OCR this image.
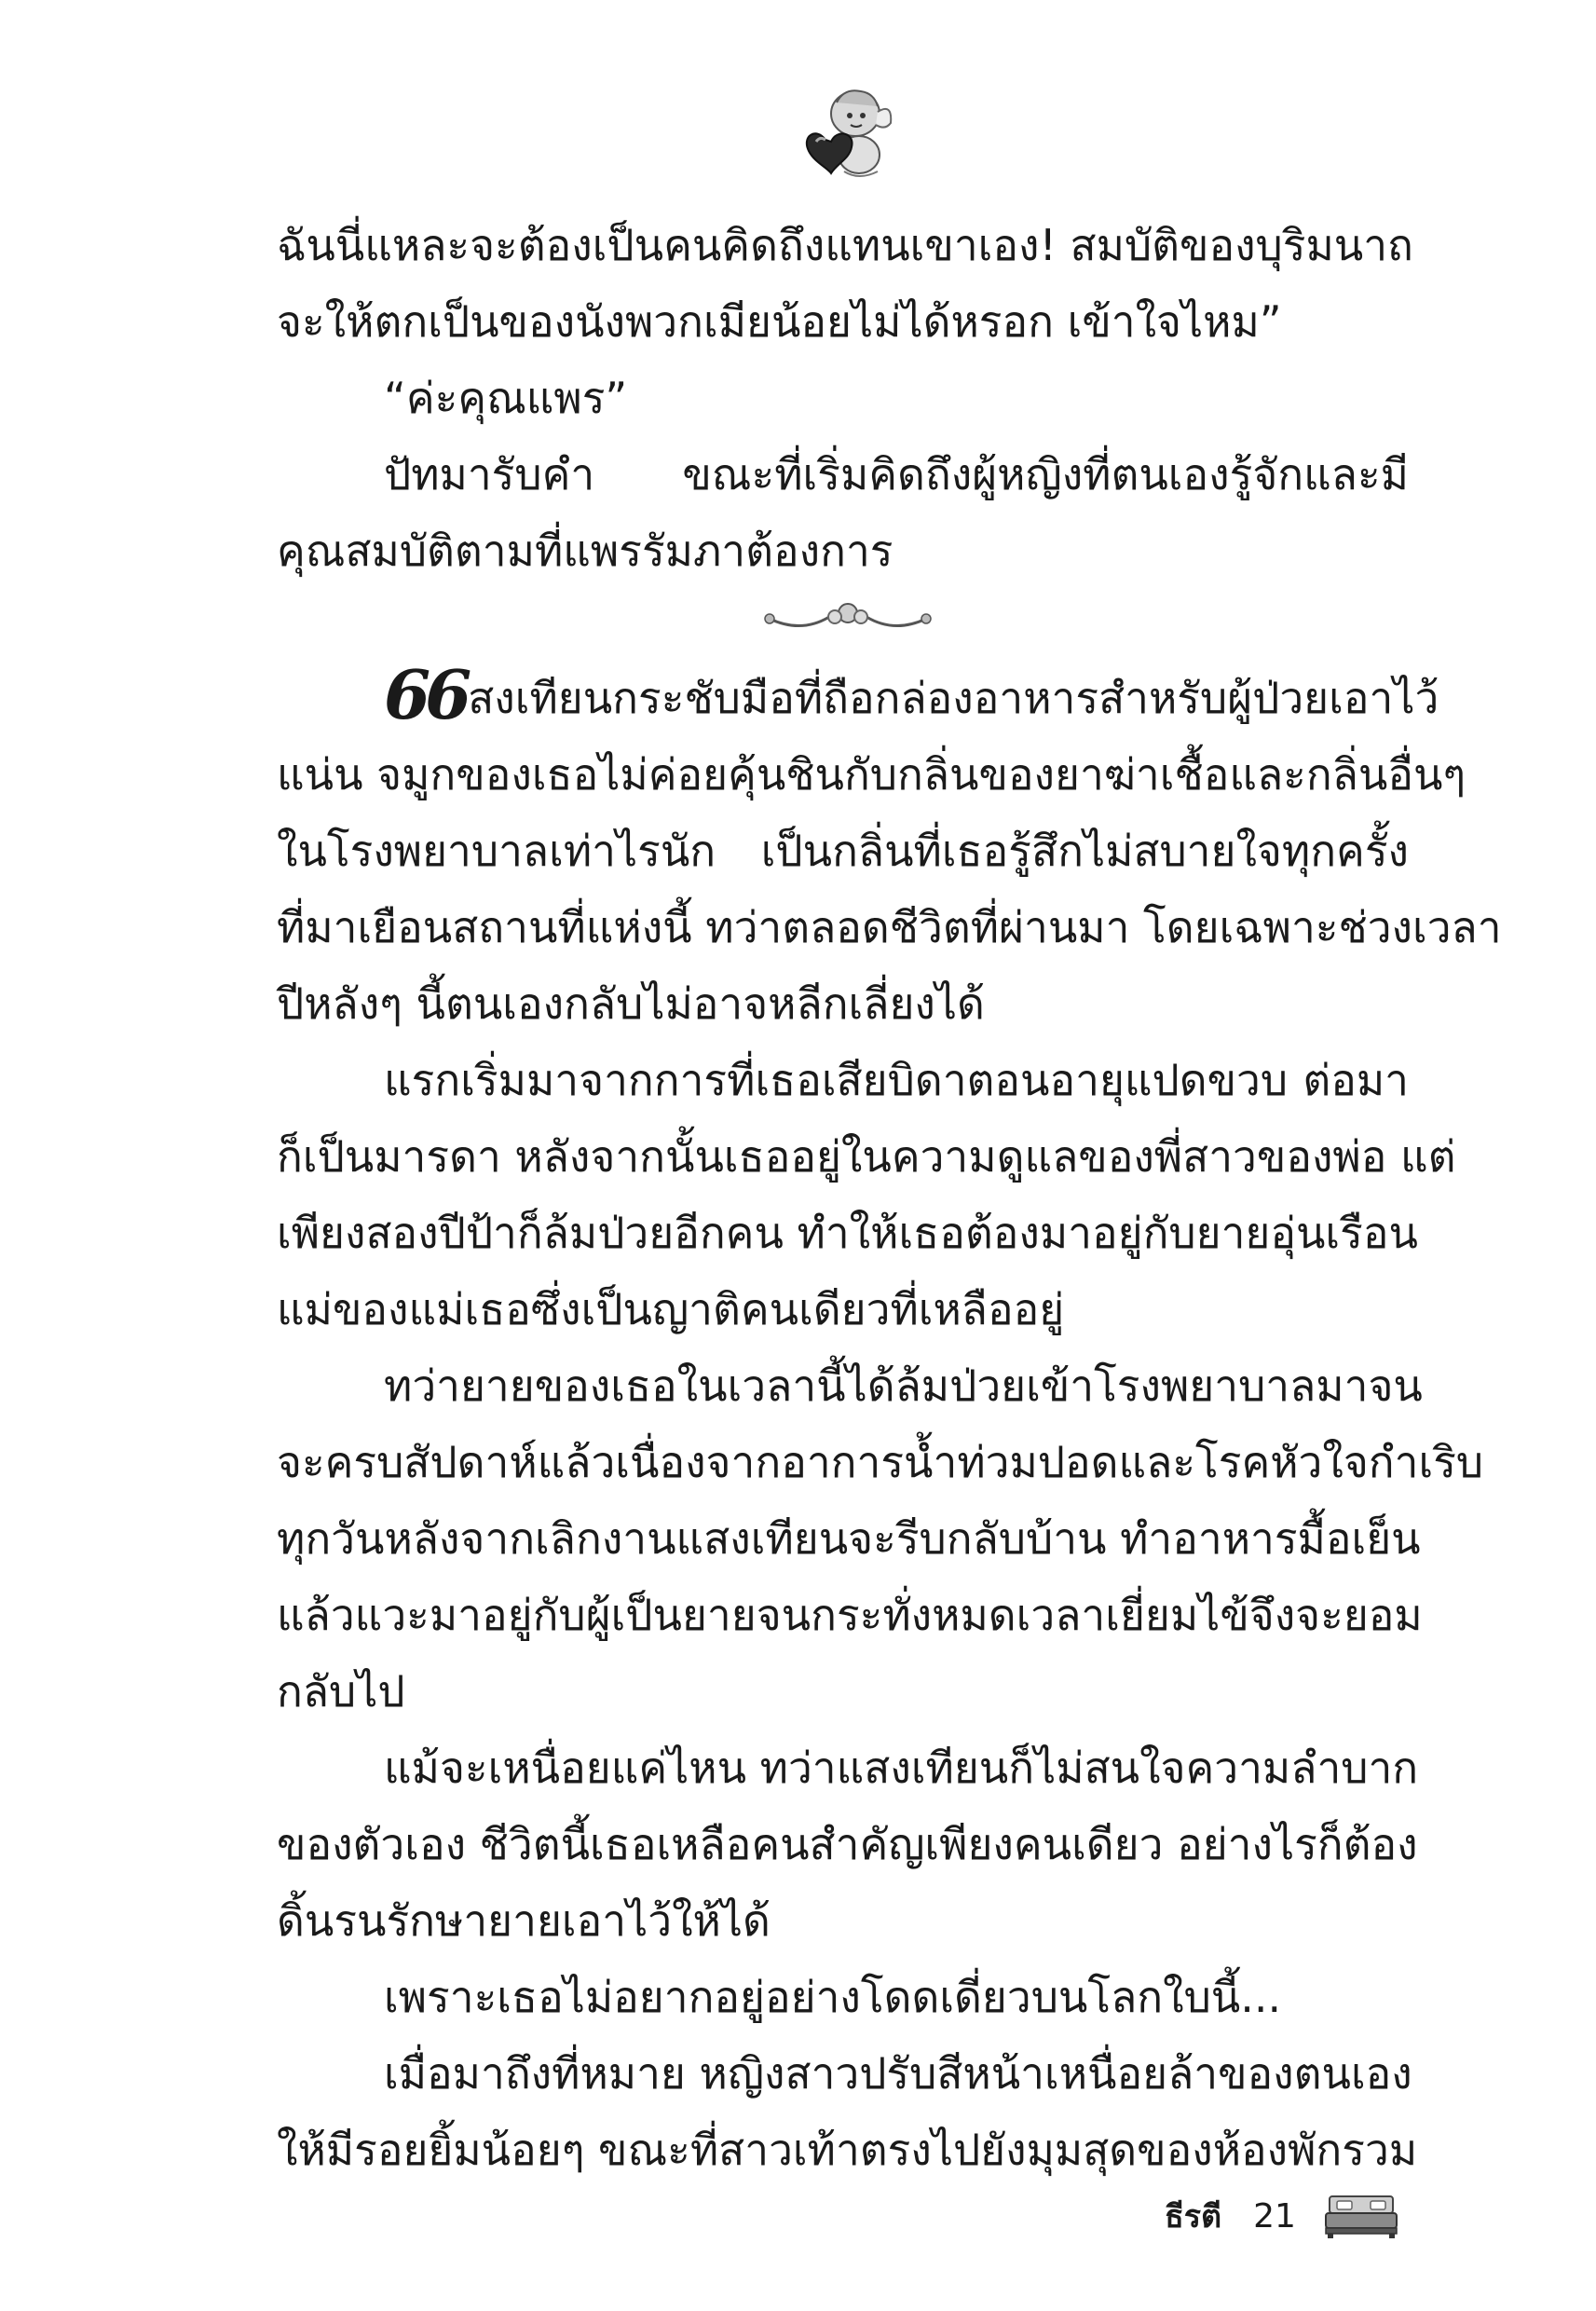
ฉันนี่แหละจะต้องเป็นคนคิดถึงแทนเขาเอง! สมบัติของบุริมนาถ
จะให้ตกเป็นของนังพวกเมียน้อยไม่ได้หรอก เข้าใจไหม”
“ค่ะคุณแพร”
ปัทมารับคำ ขณะที่เริ่มคิดถึงผู้หญิงที่ตนเองรู้จักและมี
คุณสมบัติตามที่แพรรัมภาต้องการ
66สงเทียนกระชับมือที่ถือกล่องอาหารสำหรับผู้ป่วยเอาไว้
แน่น จมูกของเธอไม่ค่อยคุ้นชินกับกลิ่นของยาฆ่าเชื้อและกลิ่นอื่นๆ
ในโรงพยาบาลเท่าไรนัก เป็นกลิ่นที่เธอรู้สึกไม่สบายใจทุกครั้ง
ที่มาเยือนสถานที่แห่งนี้ ทว่าตลอดชีวิตที่ผ่านมา โดยเฉพาะช่วงเวลา
ปีหลังๆ นี้ตนเองกลับไม่อาจหลีกเลี่ยงได้
แรกเริ่มมาจากการที่เธอเสียบิดาตอนอายุแปดขวบ ต่อมา
ก็เป็นมารดา หลังจากนั้นเธออยู่ในความดูแลของพี่สาวของพ่อ แต่
เพียงสองปีป้าก็ล้มป่วยอีกคน ทำให้เธอต้องมาอยู่กับยายอุ่นเรือน
แม่ของแม่เธอซึ่งเป็นญาติคนเดียวที่เหลืออยู่
ทว่ายายของเธอในเวลานี้ได้ล้มป่วยเข้าโรงพยาบาลมาจน
จะครบสัปดาห์แล้วเนื่องจากอาการน้ำท่วมปอดและโรคหัวใจกำเริบ
ทุกวันหลังจากเลิกงานแสงเทียนจะรีบกลับบ้าน ทำอาหารมื้อเย็น
แล้วแวะมาอยู่กับผู้เป็นยายจนกระทั่งหมดเวลาเยี่ยมไข้จึงจะยอม
กลับไป
แม้จะเหนื่อยแค่ไหน ทว่าแสงเทียนก็ไม่สนใจความลำบาก
ของตัวเอง ชีวิตนี้เธอเหลือคนสำคัญเพียงคนเดียว อย่างไรก็ต้อง
ดิ้นรนรักษายายเอาไว้ให้ได้
เพราะเธอไม่อยากอยู่อย่างโดดเดี่ยวบนโลกใบนี้...
เมื่อมาถึงที่หมาย หญิงสาวปรับสีหน้าเหนื่อยล้าของตนเอง
ให้มีรอยยิ้มน้อยๆ ขณะที่สาวเท้าตรงไปยังมุมสุดของห้องพักรวม
ธีรตี 21
